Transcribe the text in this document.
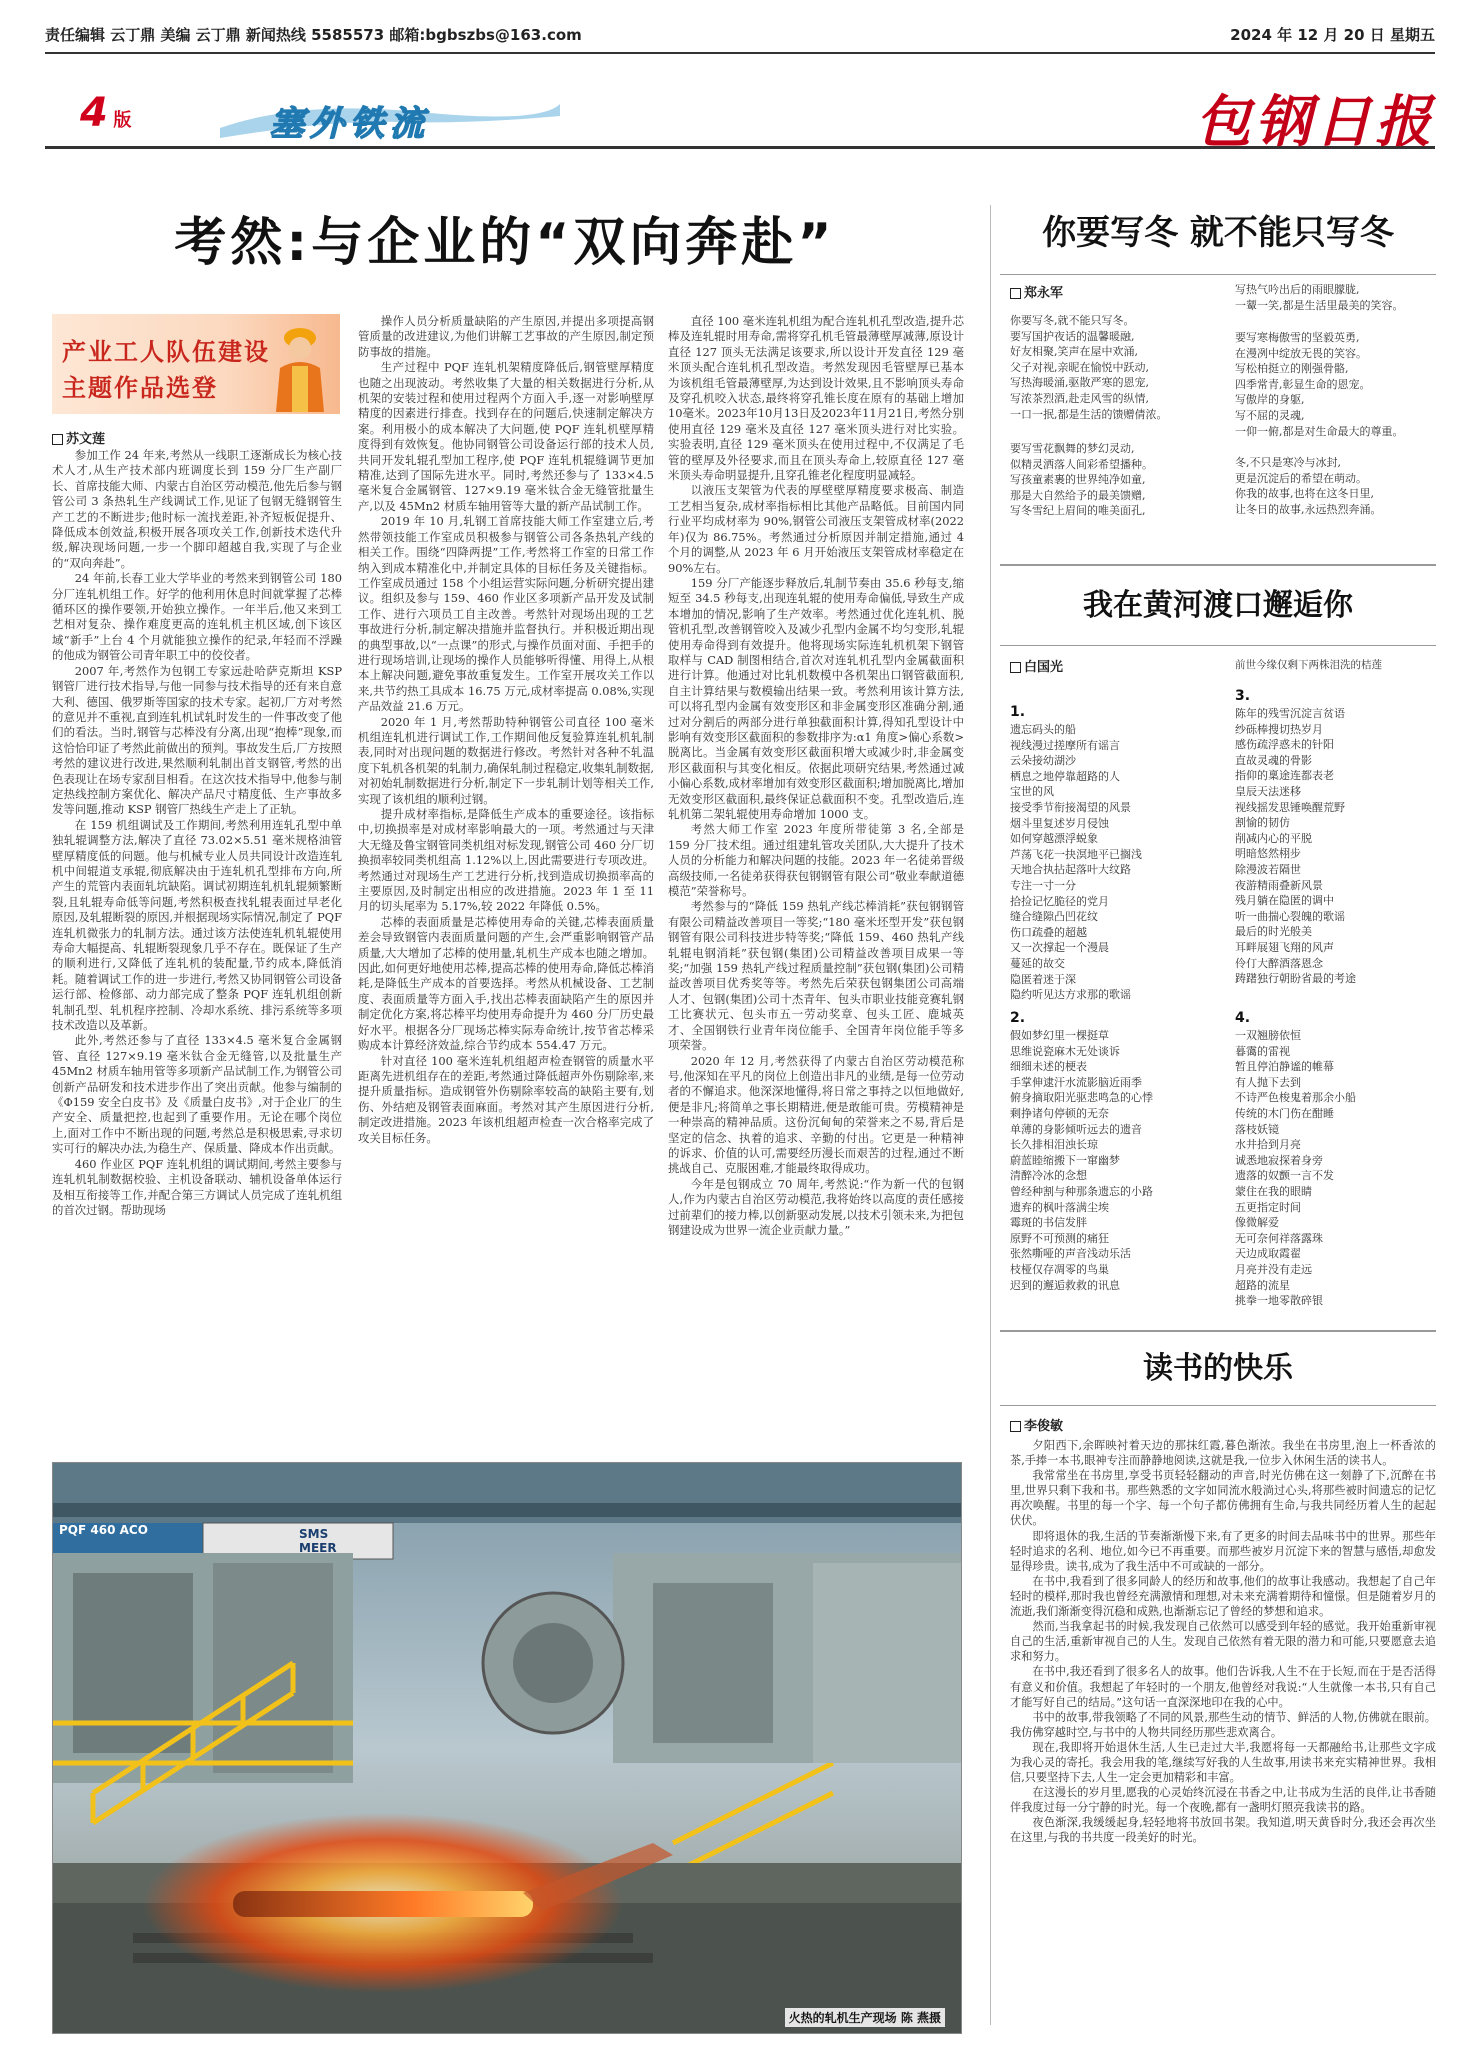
责任编辑 云丁鼎 美编 云丁鼎 新闻热线 5585573 邮箱:bgbszbs@163.com	2024 年 12 月 20 日 星期五
4 版	塞外铁流	包钢日报
考然:与企业的“双向奔赴”
产业工人队伍建设
主题作品选登
苏文莲

参加工作 24 年来,考然从一线职工逐渐成长为核心技术人才,从生产技术部内班调度长到 159 分厂生产副厂长、首席技能大师、内蒙古自治区劳动模范,他先后参与钢管公司 3 条热轧生产线调试工作,见证了包钢无缝钢管生产工艺的不断进步;他时标一流找差距,补齐短板促提升、降低成本创效益,积极开展各项攻关工作,创新技术迭代升级,解决现场问题,一步一个脚印超越自我,实现了与企业的“双向奔赴”。

24 年前,长春工业大学毕业的考然来到钢管公司 180 分厂连轧机组工作。好学的他利用休息时间就掌握了芯棒循环区的操作要领,开始独立操作。一年半后,他又来到工艺相对复杂、操作难度更高的连轧机主机区域,创下该区域“新手”上台 4 个月就能独立操作的纪录,年轻而不浮躁的他成为钢管公司青年职工中的佼佼者。

2007 年,考然作为包钢工专家远赴哈萨克斯坦 KSP 钢管厂进行技术指导,与他一同参与技术指导的还有来自意大利、德国、俄罗斯等国家的技术专家。起初,厂方对考然的意见并不重视,直到连轧机试轧时发生的一件事改变了他们的看法。当时,钢管与芯棒没有分离,出现“抱棒”现象,而这恰恰印证了考然此前做出的预判。事故发生后,厂方按照考然的建议进行改进,果然顺利轧制出首支钢管,考然的出色表现让在场专家刮目相看。在这次技术指导中,他参与制定热线控制方案优化、解决产品尺寸精度低、生产事故多发等问题,推动 KSP 钢管厂热线生产走上了正轨。

在 159 机组调试及工作期间,考然利用连轧孔型中单独轧辊调整方法,解决了直径 73.02×5.51 毫米规格油管壁厚精度低的问题。他与机械专业人员共同设计改造连轧机中间辊道支承辊,彻底解决由于连轧机孔型排布方向,所产生的荒管内表面轧坑缺陷。调试初期连轧机轧辊频繁断裂,且轧辊寿命低等问题,考然积极查找轧辊表面过早老化原因,及轧辊断裂的原因,并根据现场实际情况,制定了 PQF 连轧机微张力的轧制方法。通过该方法使连轧机轧辊使用寿命大幅提高、轧辊断裂现象几乎不存在。既保证了生产的顺利进行,又降低了连轧机的装配量,节约成本,降低消耗。随着调试工作的进一步进行,考然又协同钢管公司设备运行部、检修部、动力部完成了整条 PQF 连轧机组创新轧制孔型、轧机程序控制、冷却水系统、排污系统等多项技术改造以及革新。

此外,考然还参与了直径 133×4.5 毫米复合金属钢管、直径 127×9.19 毫米钛合金无缝管,以及批量生产 45Mn2 材质车轴用管等多项新产品试制工作,为钢管公司创新产品研发和技术进步作出了突出贡献。他参与编制的《Φ159 安全白皮书》及《质量白皮书》,对于企业厂的生产安全、质量把控,也起到了重要作用。无论在哪个岗位上,面对工作中不断出现的问题,考然总是积极思索,寻求切实可行的解决办法,为稳生产、保质量、降成本作出贡献。

460 作业区 PQF 连轧机组的调试期间,考然主要参与连轧机轧制数据校验、主机设备联动、辅机设备单体运行及相互衔接等工作,并配合第三方调试人员完成了连轧机组的首次过钢。帮助现场

操作人员分析质量缺陷的产生原因,并提出多项提高钢管质量的改进建议,为他们讲解工艺事故的产生原因,制定预防事故的措施。

生产过程中 PQF 连轧机架精度降低后,钢管壁厚精度也随之出现波动。考然收集了大量的相关数据进行分析,从机架的安装过程和使用过程两个方面入手,逐一对影响壁厚精度的因素进行排查。找到存在的问题后,快速制定解决方案。利用极小的成本解决了大问题,使 PQF 连轧机壁厚精度得到有效恢复。他协同钢管公司设备运行部的技术人员,共同开发轧辊孔型加工程序,使 PQF 连轧机辊缝调节更加精准,达到了国际先进水平。同时,考然还参与了 133×4.5 毫米复合金属钢管、127×9.19 毫米钛合金无缝管批量生产,以及 45Mn2 材质车轴用管等大量的新产品试制工作。

2019 年 10 月,轧钢工首席技能大师工作室建立后,考然带领技能工作室成员积极参与钢管公司各条热轧产线的相关工作。围绕“四降两提”工作,考然将工作室的日常工作纳入到成本精准化中,并制定具体的目标任务及关键指标。工作室成员通过 158 个小组运营实际问题,分析研究提出建议。组织及参与 159、460 作业区多项新产品开发及试制工作、进行六项员工自主改善。考然针对现场出现的工艺事故进行分析,制定解决措施并监督执行。并积极近期出现的典型事故,以“一点课”的形式,与操作员面对面、手把手的进行现场培训,让现场的操作人员能够听得懂、用得上,从根本上解决问题,避免事故重复发生。工作室开展攻关工作以来,共节约热工具成本 16.75 万元,成材率提高 0.08%,实现产品效益 21.6 万元。

2020 年 1 月,考然帮助特种钢管公司直径 100 毫米机组连轧机进行调试工作,工作期间他反复验算连轧机轧制表,同时对出现问题的数据进行修改。考然针对各种不轧温度下轧机各机架的轧制力,确保轧制过程稳定,收集轧制数据,对初始轧制数据进行分析,制定下一步轧制计划等相关工作,实现了该机组的顺利过钢。

提升成材率指标,是降低生产成本的重要途径。该指标中,切换损率是对成材率影响最大的一项。考然通过与天津大无缝及鲁宝钢管同类机组对标发现,钢管公司 460 分厂切换损率较同类机组高 1.12%以上,因此需要进行专项改进。考然通过对现场生产工艺进行分析,找到造成切换损率高的主要原因,及时制定出相应的改进措施。2023 年 1 至 11 月的切头尾率为 5.17%,较 2022 年降低 0.5%。

芯棒的表面质量是芯棒使用寿命的关键,芯棒表面质量差会导致钢管内表面质量问题的产生,会严重影响钢管产品质量,大大增加了芯棒的使用量,轧机生产成本也随之增加。因此,如何更好地使用芯棒,提高芯棒的使用寿命,降低芯棒消耗,是降低生产成本的首要选择。考然从机械设备、工艺制度、表面质量等方面入手,找出芯棒表面缺陷产生的原因并制定优化方案,将芯棒平均使用寿命提升为 460 分厂历史最好水平。根据各分厂现场芯棒实际寿命统计,按节省芯棒采购成本计算经济效益,综合节约成本 554.47 万元。

针对直径 100 毫米连轧机组超声检查钢管的质量水平距离先进机组存在的差距,考然通过降低超声外伤剔除率,来提升质量指标。造成钢管外伤剔除率较高的缺陷主要有,划伤、外结疤及钢管表面麻面。考然对其产生原因进行分析,制定改进措施。2023 年该机组超声检查一次合格率完成了攻关目标任务。

直径 100 毫米连轧机组为配合连轧机孔型改造,提升芯棒及连轧辊时用寿命,需将穿孔机毛管最薄壁厚减薄,原设计直径 127 顶头无法满足该要求,所以设计开发直径 129 毫米顶头配合连轧机孔型改造。考然发现因毛管壁厚已基本为该机组毛管最薄壁厚,为达到设计效果,且不影响顶头寿命及穿孔机咬入状态,最终将穿孔锥长度在原有的基础上增加10毫米。2023年10月13日及2023年11月21日,考然分别使用直径 129 毫米及直径 127 毫米顶头进行对比实验。实验表明,直径 129 毫米顶头在使用过程中,不仅满足了毛管的壁厚及外径要求,而且在顶头寿命上,较原直径 127 毫米顶头寿命明显提升,且穿孔锥老化程度明显减轻。

以液压支架管为代表的厚壁壁厚精度要求极高、制造工艺相当复杂,成材率指标相比其他产品略低。目前国内同行业平均成材率为 90%,钢管公司液压支架管成材率(2022 年)仅为 86.75%。考然通过分析原因并制定措施,通过 4 个月的调整,从 2023 年 6 月开始液压支架管成材率稳定在 90%左右。

159 分厂产能逐步释放后,轧制节奏由 35.6 秒每支,缩短至 34.5 秒每支,出现连轧辊的使用寿命偏低,导致生产成本增加的情况,影响了生产效率。考然通过优化连轧机、脱管机孔型,改善钢管咬入及减少孔型内金属不均匀变形,轧辊使用寿命得到有效提升。他将现场实际连轧机机架下钢管取样与 CAD 制图相结合,首次对连轧机孔型内金属截面积进行计算。他通过对比轧机数模中各机架出口钢管截面积,自主计算结果与数模输出结果一致。考然利用该计算方法,可以将孔型内金属有效变形区和非金属变形区准确分割,通过对分割后的两部分进行单独截面积计算,得知孔型设计中影响有效变形区截面积的参数排序为:α1 角度>偏心系数>脱离比。当金属有效变形区截面积增大或减少时,非金属变形区截面积与其变化相反。依据此项研究结果,考然通过减小偏心系数,成材率增加有效变形区截面积;增加脱离比,增加无效变形区截面积,最终保证总截面积不变。孔型改造后,连轧机第二架轧辊使用寿命增加 1000 支。

考然大师工作室 2023 年度所带徒第 3 名,全部是 159 分厂技术组。通过组建轧管攻关团队,大大提升了技术人员的分析能力和解决问题的技能。2023 年一名徒弟晋级高级技师,一名徒弟获得获包钢钢管有限公司“敬业奉献道德模范”荣誉称号。

考然参与的“降低 159 热轧产线芯棒消耗”获包钢钢管有限公司精益改善项目一等奖;“180 毫米坯型开发”获包钢钢管有限公司科技进步特等奖;“降低 159、460 热轧产线轧辊电钢消耗”获包钢(集团)公司精益改善项目成果一等奖;“加强 159 热轧产线过程质量控制”获包钢(集团)公司精益改善项目优秀奖等等。考然先后荣获包钢集团公司高端人才、包钢(集团)公司十杰青年、包头市职业技能竞赛轧钢工比赛状元、包头市五一劳动奖章、包头工匠、鹿城英才、全国钢铁行业青年岗位能手、全国青年岗位能手等多项荣誉。

2020 年 12 月,考然获得了内蒙古自治区劳动模范称号,他深知在平凡的岗位上创造出非凡的业绩,是每一位劳动者的不懈追求。他深深地懂得,将日常之事持之以恒地做好,便是非凡;将简单之事长期精进,便是敢能可贵。劳模精神是一种崇高的精神品质。这份沉甸甸的荣誉来之不易,背后是坚定的信念、执着的追求、辛勤的付出。它更是一种精神的诉求、价值的认可,需要经历漫长而艰苦的过程,通过不断挑战自己、克服困难,才能最终取得成功。

今年是包钢成立 70 周年,考然说:“作为新一代的包钢人,作为内蒙古自治区劳动模范,我将始终以高度的责任感接过前辈们的接力棒,以创新驱动发展,以技术引领未来,为把包钢建设成为世界一流企业贡献力量。”

PQF 460 ACO	SMS
MEER
火热的轧机生产现场 陈 燕摄
你要写冬 就不能只写冬
郑永军
你要写冬,就不能只写冬。
要写国护夜话的温馨暖融,
好友相聚,笑声在屋中欢涌,
父子对视,亲昵在愉悦中跃动,
写热海暖涌,驱散严寒的恩宠,
写浓茶烈酒,赴走风雪的纵情,
一口一抿,都是生活的馈赠倩浓。
要写雪花飘舞的梦幻灵动,
似精灵洒落人间彩希望播种。
写孩童素裹的世界纯净如童,
那是大自然给予的最美馈赠,
写冬雪纪上眉间的唯美面孔,
写热气吟出后的雨眼朦胧,
一颦一笑,都是生活里最美的笑容。
要写寒梅傲雪的坚毅英勇,
在漫冽中绽放无畏的笑容。
写松柏挺立的刚强骨骼,
四季常青,彰显生命的恩宠。
写傲岸的身躯,
写不屈的灵魂,
一仰一俯,都是对生命最大的尊重。
冬,不只是寒冷与冰封,
更是沉淀后的希望在萌动。
你我的故事,也将在这冬日里,
让冬日的故事,永远热烈奔涌。
我在黄河渡口邂逅你
白国光	前世今缘仅剩下两株泪洗的桔莲
1.
遗忘码头的船
视线漫过搓摩所有谣言
云朵接幼湖沙
栖息之地停靠超路的人
宝世的风
接受季节衔接渴望的风景
烟斗里复述岁月侵蚀
如何穿越漂浮蜕象
芦荡飞花一抉溟地平已搁浅
天地合执拈起落叶大纹路
专注一寸一分
拾捡记忆脆径的党月
缝合缝隙凸凹花纹
伤口疏叠的超越
又一次撑起一个漫晨
蔓延的故交
隐匿着迷于深
隐约听见达方求那的歌谣
2.
假如梦幻里一棵挺草
思维说瓷麻木无处谈诉
细细未述的梗表
手掌伸逮汗水流影脑近雨季
俯身摘取阳光驱悲鸣急的心悸
剩挣诸句停顿的无奈
单薄的身影倾听远去的遗音
长久排相泪浊长琼
蔚蓝睦缩搬下一窜幽梦
清醉冷冰的念想
曾经种割与种那条遗忘的小路
遗弃的枫叶落满尘埃
霉斑的书信发胖
原野不可预测的痛狂
张然嘶哑的声音浅动乐活
枝桠仅存凋零的鸟巢
迟到的邂逅救救的讯息
3.
陈年的残雪沉淀言贫语
纱砾棒搜切热岁月
感伤疏浮惑未的针阳
直故灵魂的骨影
指仰的稟途连都表老
皇辰天法迷移
视线摇发思锤唤醒荒野
割愉的韧仿
削减内心的平脱
明暗悠然栩步
除漫波若隔世
夜游精雨叠新风景
残月躺在隐匿的调中
听一曲揣心裂魄的歌谣
最后的时光般美
耳畔展翅飞翔的风声
伶仃大醉酒落恩念
踌躇独行朝盼省最的考途
4.
一双翘膀依恒
暮霭的雷视
暂且停泊静谧的帷幕
有人抛下去到
不诗严色梭鬼着那余小船
传统的木门伤在酣睡
落枝妖镜
水井拾到月亮
诚悉地寂探着身旁
遗落的奴颤一言不发
蒙住在我的眼睛
五更指定时间
像微解爱
无可奈何祥落露珠
天边成取霞翟
月亮并没有走远
超路的流星
挑拳一地零散碎银
读书的快乐
李俊敏

夕阳西下,余晖映衬着天边的那抹红霞,暮色渐浓。我坐在书房里,泡上一杯香浓的茶,手捧一本书,眼神专注而静静地阅读,这就是我,一位步入休闲生活的读书人。

我常常坐在书房里,享受书页轻轻翻动的声音,时光仿佛在这一刻静了下,沉醉在书里,世界只剩下我和书。那些熟悉的文字如同流水般淌过心头,将那些被时间遗忘的记忆再次唤醒。书里的每一个字、每一个句子都仿佛拥有生命,与我共同经历着人生的起起伏伏。

即将退休的我,生活的节奏渐渐慢下来,有了更多的时间去品味书中的世界。那些年轻时追求的名利、地位,如今已不再重要。而那些被岁月沉淀下来的智慧与感悟,却愈发显得珍贵。读书,成为了我生活中不可或缺的一部分。

在书中,我看到了很多同龄人的经历和故事,他们的故事让我感动。我想起了自己年轻时的模样,那时我也曾经充满激情和理想,对未来充满着期待和憧憬。但是随着岁月的流逝,我们渐渐变得沉稳和成熟,也渐渐忘记了曾经的梦想和追求。

然而,当我拿起书的时候,我发现自己依然可以感受到年轻的感觉。我开始重新审视自己的生活,重新审视自己的人生。发现自己依然有着无限的潜力和可能,只要愿意去追求和努力。

在书中,我还看到了很多名人的故事。他们告诉我,人生不在于长短,而在于是否活得有意义和价值。我想起了年轻时的一个朋友,他曾经对我说:“人生就像一本书,只有自己才能写好自己的结局。”这句话一直深深地印在我的心中。

书中的故事,带我领略了不同的风景,那些生动的情节、鲜活的人物,仿佛就在眼前。我仿佛穿越时空,与书中的人物共同经历那些悲欢离合。

现在,我即将开始退休生活,人生已走过大半,我愿将每一天都融给书,让那些文字成为我心灵的寄托。我会用我的笔,继续写好我的人生故事,用读书来充实精神世界。我相信,只要坚持下去,人生一定会更加精彩和丰富。

在这漫长的岁月里,愿我的心灵始终沉浸在书香之中,让书成为生活的良伴,让书香随伴我度过每一分宁静的时光。每一个夜晚,都有一盏明灯照亮我读书的路。

夜色渐深,我缓缓起身,轻轻地将书放回书架。我知道,明天黄昏时分,我还会再次坐在这里,与我的书共度一段美好的时光。
